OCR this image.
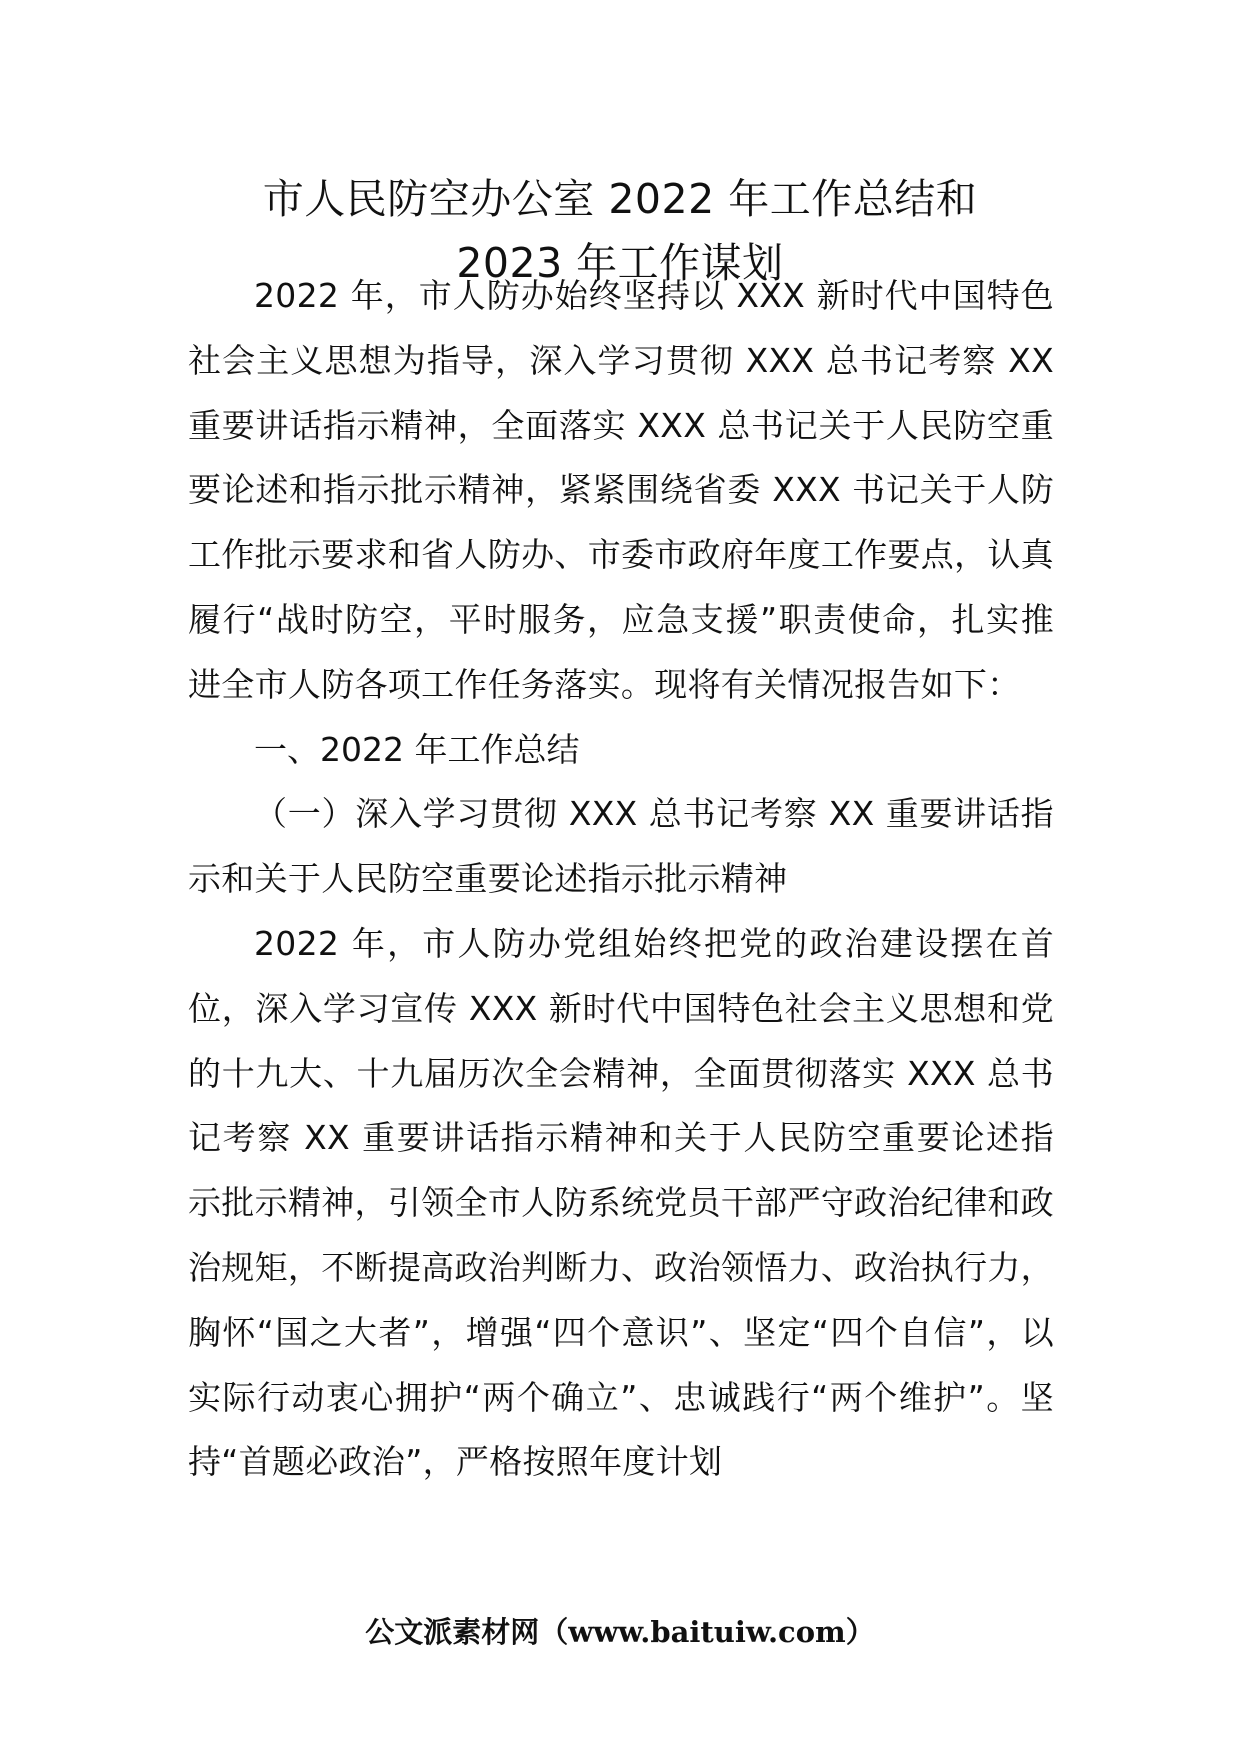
市人民防空办公室 2022 年工作总结和
2023 年工作谋划

2022 年，市人防办始终坚持以 XXX 新时代中国特色社会主义思想为指导，深入学习贯彻 XXX 总书记考察 XX 重要讲话指示精神，全面落实 XXX 总书记关于人民防空重要论述和指示批示精神，紧紧围绕省委 XXX 书记关于人防工作批示要求和省人防办、市委市政府年度工作要点，认真履行“战时防空，平时服务，应急支援”职责使命，扎实推进全市人防各项工作任务落实。现将有关情况报告如下：

一、2022 年工作总结

（一）深入学习贯彻 XXX 总书记考察 XX 重要讲话指示和关于人民防空重要论述指示批示精神

2022 年，市人防办党组始终把党的政治建设摆在首位，深入学习宣传 XXX 新时代中国特色社会主义思想和党的十九大、十九届历次全会精神，全面贯彻落实 XXX 总书记考察 XX 重要讲话指示精神和关于人民防空重要论述指示批示精神，引领全市人防系统党员干部严守政治纪律和政治规矩，不断提高政治判断力、政治领悟力、政治执行力，胸怀“国之大者”，增强“四个意识”、坚定“四个自信”，以实际行动衷心拥护“两个确立”、忠诚践行“两个维护”。坚持“首题必政治”，严格按照年度计划

公文派素材网（www.baituiw.com）
